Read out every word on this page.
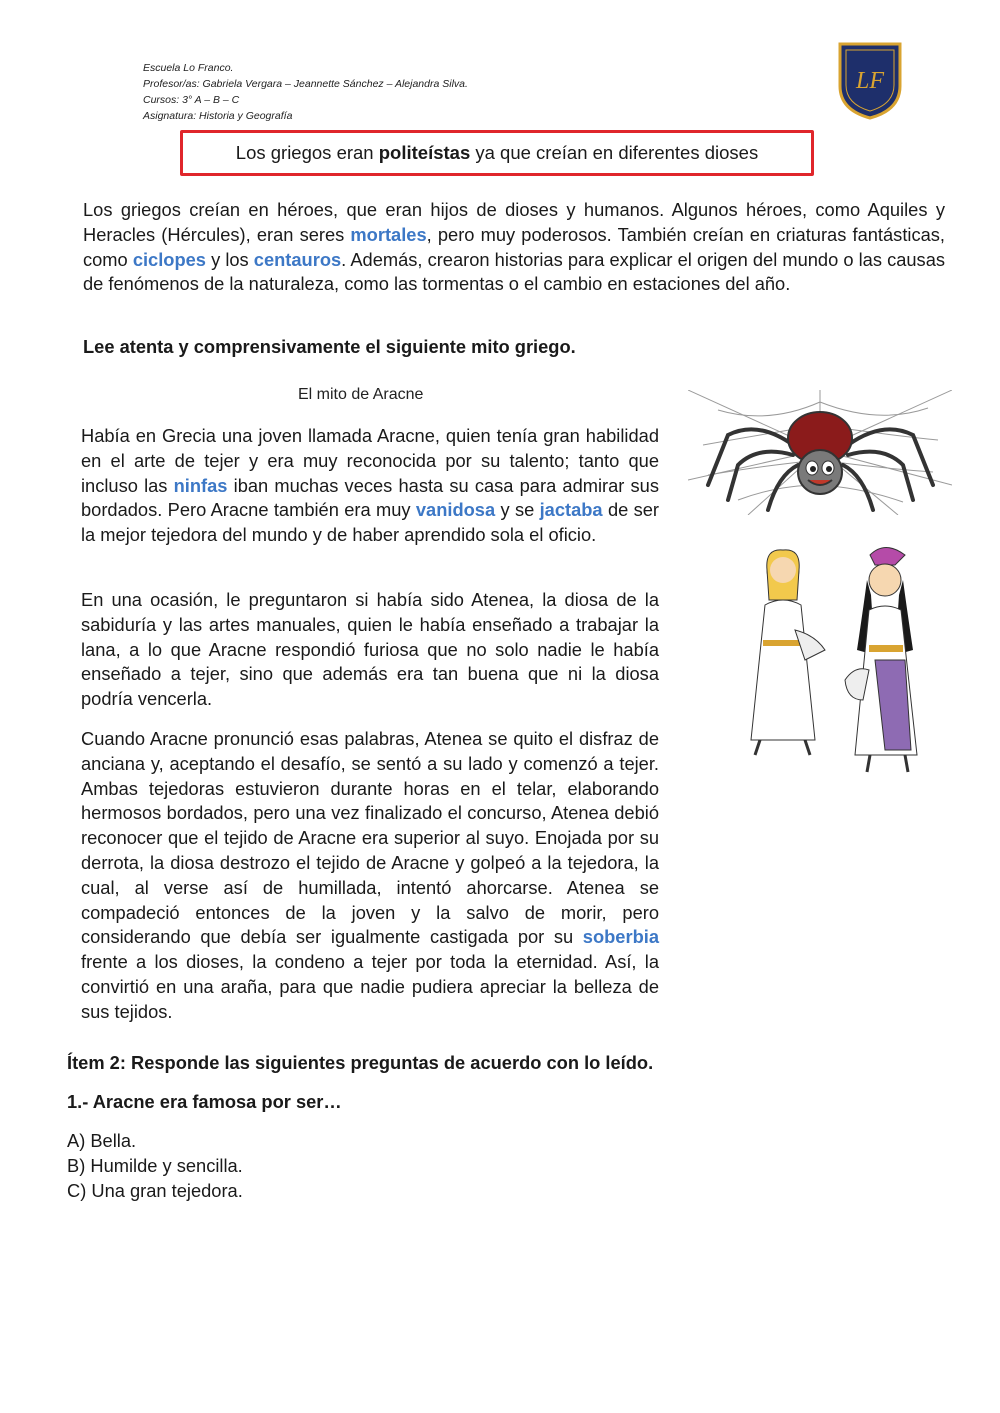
Escuela Lo Franco.
Profesor/as: Gabriela Vergara – Jeannette Sánchez – Alejandra Silva.
Cursos: 3° A – B – C
Asignatura: Historia y Geografía
LF
Los griegos eran politeístas ya que creían en diferentes dioses
Los griegos creían en héroes, que eran hijos de dioses y humanos. Algunos héroes, como Aquiles y Heracles (Hércules), eran seres mortales, pero muy poderosos. También creían en criaturas fantásticas, como ciclopes y los centauros. Además, crearon historias para explicar el origen del mundo o las causas de fenómenos de la naturaleza, como las tormentas o el cambio en estaciones del año.
Lee atenta y comprensivamente el siguiente mito griego.
El mito de Aracne
Había en Grecia una joven llamada Aracne, quien tenía gran habilidad en el arte de tejer y era muy reconocida por su talento; tanto que incluso las ninfas iban muchas veces hasta su casa para admirar sus bordados. Pero Aracne también era muy vanidosa y se jactaba de ser la mejor tejedora del mundo y de haber aprendido sola el oficio.
En una ocasión, le preguntaron si había sido Atenea, la diosa de la sabiduría y las artes manuales, quien le había enseñado a trabajar la lana, a lo que Aracne respondió furiosa que no solo nadie le había enseñado a tejer, sino que además era tan buena que ni la diosa podría vencerla.
Cuando Aracne pronunció esas palabras, Atenea se quito el disfraz de anciana y, aceptando el desafío, se sentó a su lado y comenzó a tejer. Ambas tejedoras estuvieron durante horas en el telar, elaborando hermosos bordados, pero una vez finalizado el concurso, Atenea debió reconocer que el tejido de Aracne era superior al suyo. Enojada por su derrota, la diosa destrozo el tejido de Aracne y golpeó a la tejedora, la cual, al verse así de humillada, intentó ahorcarse. Atenea se compadeció entonces de la joven y la salvo de morir, pero considerando que debía ser igualmente castigada por su soberbia frente a los dioses, la condeno a tejer por toda la eternidad. Así, la convirtió en una araña, para que nadie pudiera apreciar la belleza de sus tejidos.
Ítem 2: Responde las siguientes preguntas de acuerdo con lo leído.
1.- Aracne era famosa por ser…
A) Bella.
B) Humilde y sencilla.
C) Una gran tejedora.
